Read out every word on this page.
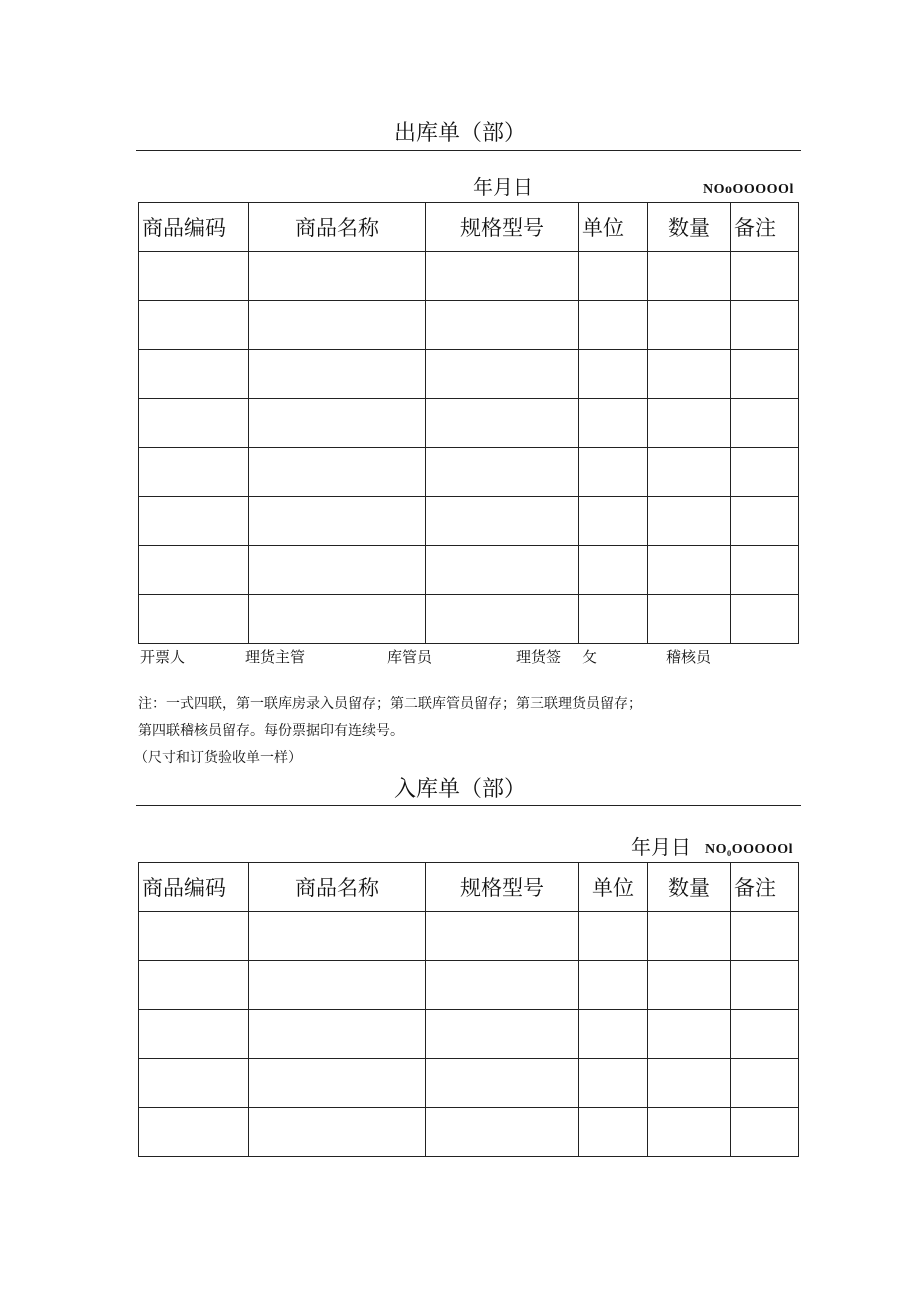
出库单（部）
年月日	NOoOOOOOl
商品编码	商品名称	规格型号	单位	数量	备注

开票人	理货主管	库管员	理货签 攵	稽核员
注：一式四联，第一联库房录入员留存；第二联库管员留存；第三联理货员留存；
第四联稽核员留存。每份票据印有连续号。
（尺寸和订货验收单一样）
入库单（部）
年月日 NO₀OOOOOl
商品编码	商品名称	规格型号	单位	数量	备注
